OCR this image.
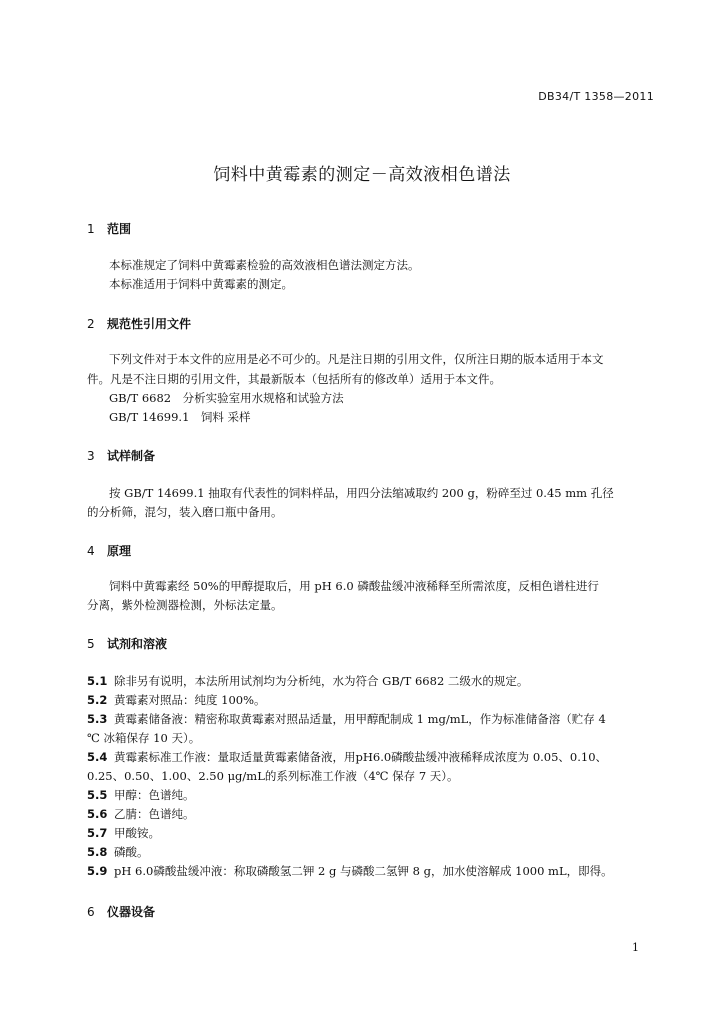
DB34/T 1358—2011
饲料中黄霉素的测定－高效液相色谱法
1 范围
本标准规定了饲料中黄霉素检验的高效液相色谱法测定方法。
本标准适用于饲料中黄霉素的测定。
2 规范性引用文件
下列文件对于本文件的应用是必不可少的。凡是注日期的引用文件，仅所注日期的版本适用于本文
件。凡是不注日期的引用文件，其最新版本（包括所有的修改单）适用于本文件。
GB/T 6682　分析实验室用水规格和试验方法
GB/T 14699.1　饲料 采样
3 试样制备
按 GB/T 14699.1 抽取有代表性的饲料样品，用四分法缩减取约 200 g，粉碎至过 0.45 mm 孔径
的分析筛，混匀，装入磨口瓶中备用。
4 原理
饲料中黄霉素经 50%的甲醇提取后，用 pH 6.0 磷酸盐缓冲液稀释至所需浓度，反相色谱柱进行
分离，紫外检测器检测，外标法定量。
5 试剂和溶液
5.1 除非另有说明，本法所用试剂均为分析纯，水为符合 GB/T 6682 二级水的规定。
5.2 黄霉素对照品：纯度 100%。
5.3 黄霉素储备液：精密称取黄霉素对照品适量，用甲醇配制成 1 mg/mL，作为标准储备溶（贮存 4
℃ 冰箱保存 10 天）。
5.4 黄霉素标准工作液：量取适量黄霉素储备液，用pH6.0磷酸盐缓冲液稀释成浓度为 0.05、0.10、
0.25、0.50、1.00、2.50 μg/mL的系列标准工作液（4℃ 保存 7 天）。
5.5 甲醇：色谱纯。
5.6 乙腈：色谱纯。
5.7 甲酸铵。
5.8 磷酸。
5.9 pH 6.0磷酸盐缓冲液：称取磷酸氢二钾 2 g 与磷酸二氢钾 8 g，加水使溶解成 1000 mL，即得。
6 仪器设备
1
